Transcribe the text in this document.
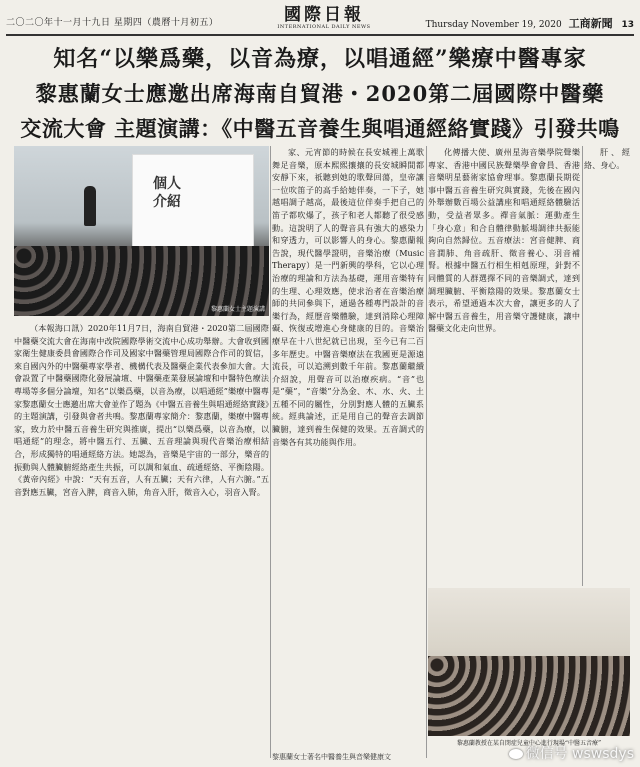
二〇二〇年十一月十九日 星期四（農曆十月初五）	國際日報
INTERNATIONAL DAILY NEWS	Thursday November 19, 2020 工商新聞 13
知名“以樂爲藥，以音為療，以唱通經”樂療中醫專家
黎惠蘭女士應邀出席海南自貿港・2020第二屆國際中醫藥
交流大會 主題演講：《中醫五音養生與唱通經絡實踐》引發共鳴
個人
介紹
黎惠蘭女士主題演講

（本報海口訊）2020年11月7日，海南自貿港・2020第二屆國際中醫藥交流大會在海南中改院國際學術交流中心成功舉辦。大會收到國家衛生健康委員會國際合作司及國家中醫藥管理局國際合作司的賀信，來自國內外的中醫藥專家學者、機構代表及醫藥企業代表參加大會。大會設置了中醫藥國際化發展論壇、中醫藥產業發展論壇和中醫特色療法專場等多個分論壇，知名“以樂爲藥，以音為療，以唱通經”樂療中醫專家黎惠蘭女士應邀出席大會並作了題為《中醫五音養生與唱通經絡實踐》的主題演講，引發與會者共鳴。黎惠蘭專家簡介：黎惠蘭，樂療中醫專家，致力於中醫五音養生研究與推廣，提出“以樂爲藥，以音為療，以唱通經”的理念，將中醫五行、五臟、五音理論與現代音樂治療相結合，形成獨特的唱通經絡方法。她認為，音樂是宇宙的一部分，樂音的振動與人體臟腑經絡產生共振，可以調和氣血、疏通經絡、平衡陰陽。《黃帝內經》中說：“天有五音，人有五臟；天有六律，人有六腑。”五音對應五臟，宮音入脾，商音入肺，角音入肝，徵音入心，羽音入腎。

家、元宵節的時候在長安城裡上萬歌舞足音樂，原本熙熙攘攘的長安城瞬間都安靜下來，祇聽到她的歌聲回蕩，皇帝讓一位吹笛子的高手給她伴奏，一下子，她越唱調子越高，最後這位伴奏手把自己的笛子都吹爆了，孩子和老人都聽了很受感動。這說明了人的聲音具有強大的感染力和穿透力，可以影響人的身心。黎惠蘭報告說，現代醫學證明，音樂治療（Music Therapy）是一門新興的學科，它以心理治療的理論和方法為基礎，運用音樂特有的生理、心理效應，使求治者在音樂治療師的共同參與下，通過各種專門設計的音樂行為，經歷音樂體驗，達到消除心理障礙、恢復或增進心身健康的目的。音樂治療早在十八世紀就已出現，至今已有二百多年歷史。中醫音樂療法在我國更是源遠流長，可以追溯到數千年前。黎惠蘭繼續介紹說，用聲音可以治療疾病。“音”也是“藥”，“音樂”分為金、木、水、火、土五種不同的屬性，分別對應人體的五臟系統。經典論述，正是用自己的聲音去調節臟腑，達到養生保健的效果。五音調式的音樂各有其功能與作用。

化傳播大使、廣州星海音樂學院聲樂專家、香港中國民族聲樂學會會員、香港音樂明星藝術家協會理事。黎惠蘭長期從事中醫五音養生研究與實踐，先後在國內外舉辦數百場公益講座和唱通經絡體驗活動，受益者眾多。禪音氣脈：運動產生「身心意」和合自體律動脈場調律共振能夠向自然歸位。五音療法：宮音健脾、商音潤肺、角音疏肝、徵音養心、羽音補腎。根據中醫五行相生相剋原理，針對不同體質的人群選擇不同的音樂調式，達到調理臟腑、平衡陰陽的效果。黎惠蘭女士表示，希望通過本次大會，讓更多的人了解中醫五音養生，用音樂守護健康，讓中醫藥文化走向世界。

肝、經絡、身心。

黎惠蘭教授在某自閉症兒童中心進行現場“中醫五音療”
黎惠蘭女士著名中醫養生與音樂健康文	微信号 wswsdys
